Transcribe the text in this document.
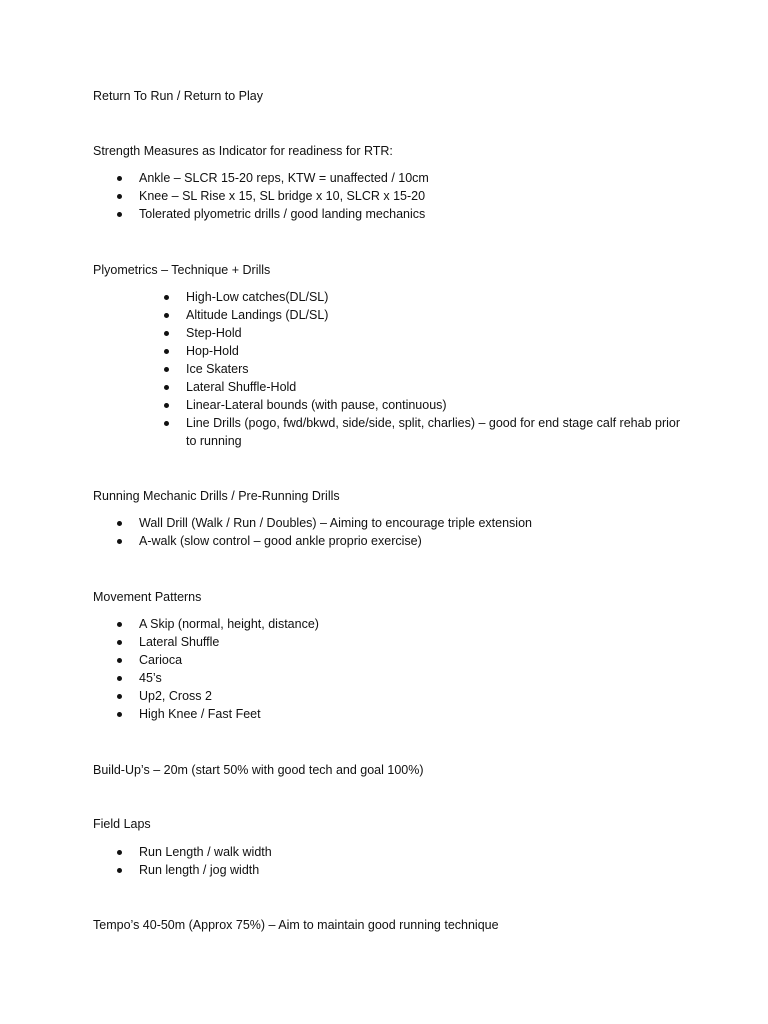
Return To Run / Return to Play
Strength Measures as Indicator for readiness for RTR:
Ankle – SLCR 15-20 reps, KTW = unaffected / 10cm
Knee – SL Rise x 15, SL bridge x 10, SLCR x 15-20
Tolerated plyometric drills / good landing mechanics
Plyometrics – Technique + Drills
High-Low catches(DL/SL)
Altitude Landings (DL/SL)
Step-Hold
Hop-Hold
Ice Skaters
Lateral Shuffle-Hold
Linear-Lateral bounds (with pause, continuous)
Line Drills (pogo, fwd/bkwd, side/side, split, charlies) – good for end stage calf rehab prior to running
Running Mechanic Drills / Pre-Running Drills
Wall Drill (Walk / Run / Doubles) – Aiming to encourage triple extension
A-walk (slow control – good ankle proprio exercise)
Movement Patterns
A Skip (normal, height, distance)
Lateral Shuffle
Carioca
45’s
Up2, Cross 2
High Knee / Fast Feet
Build-Up’s – 20m (start 50% with good tech and goal 100%)
Field Laps
Run Length / walk width
Run length / jog width
Tempo’s 40-50m (Approx 75%) – Aim to maintain good running technique
